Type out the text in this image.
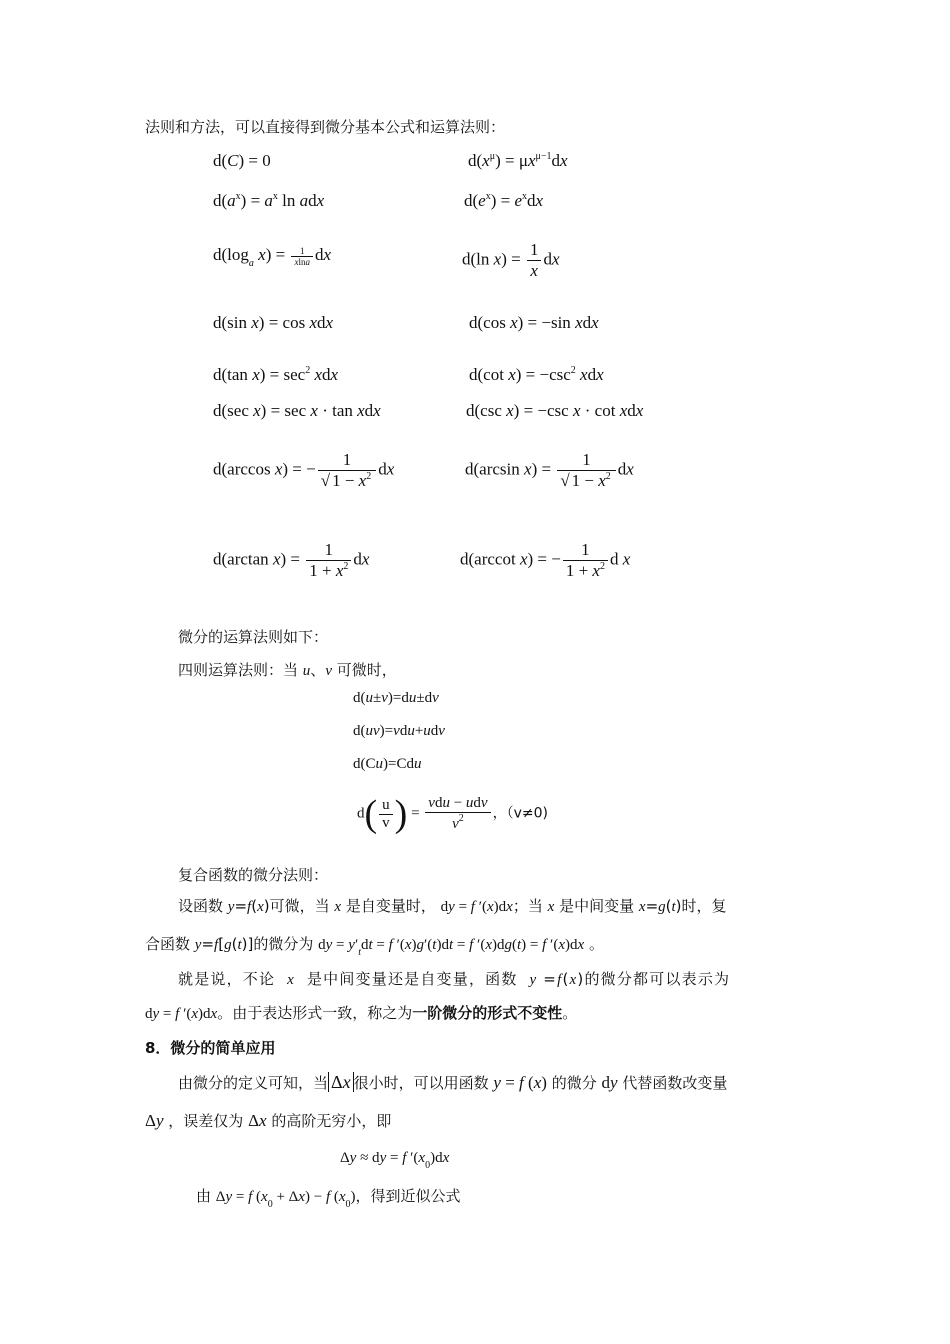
法则和方法，可以直接得到微分基本公式和运算法则：
d(C) = 0	$d(x^\mu) = \mu x^{\mu-1}dx$
$d(a^x) = a^x$ ln adx	$d(e^x) = e^xdx$
$d(\log_a$ $x) = \frac{1}{xlna}$ dx	d(ln $x) = \frac{1}{x}$ dx
d(sin x) = cos xdx	d(cos x) = −sin xdx
d(tan $x) = \sec^2$ xdx	d(cot $x) = -\csc^2$ xdx
d(sec x) = sec x · tan xdx	d(csc x) = −csc x · cot xdx
d(arccos x) = − $\frac{1}{√ 1 - x^2}$ dx	d(arcsin $x) = \frac{1}{√ 1 - x^2}$ dx
d(arctan $x) = \frac{1}{1 + x^2}$ dx	d(arccot x) = − $\frac{1}{1 + x^2}$ d x
微分的运算法则如下：
四则运算法则：当 u、v 可微时，
d(u±v)=du±dv
d(uv)=vdu+udv
d(Cu)=Cdu
$d( \frac{u}{v}$ ) = $\frac{\text{vdu − udv}}{v^2}$ ，（v≠0)
复合函数的微分法则：
设函数 y=f(x)可微，当 x 是自变量时， dy = f ′(x)dx；当 x 是中间变量 x=g(t)时，复
合函数 y=f[g(t)]的微分为 dy = $y'_tdt = f$ ′(x)g′(t)dt = f ′(x)dg(t) = f ′(x)dx 。
就是说，不论 x 是中间变量还是自变量，函数 y =f(x)的微分都可以表示为
dy = f ′(x)dx。由于表达形式一致，称之为一阶微分的形式不变性。
8．微分的简单应用
由微分的定义可知，当 Δx 很小时，可以用函数 y = f (x) 的微分 dy 代替函数改变量
Δy ，误差仅为 Δx 的高阶无穷小，即
Δy ≈ dy = f $'(x_0)dx$
由 Δy = f $(x_0 + \Delta x) - f$ $(x_0)$，得到近似公式
